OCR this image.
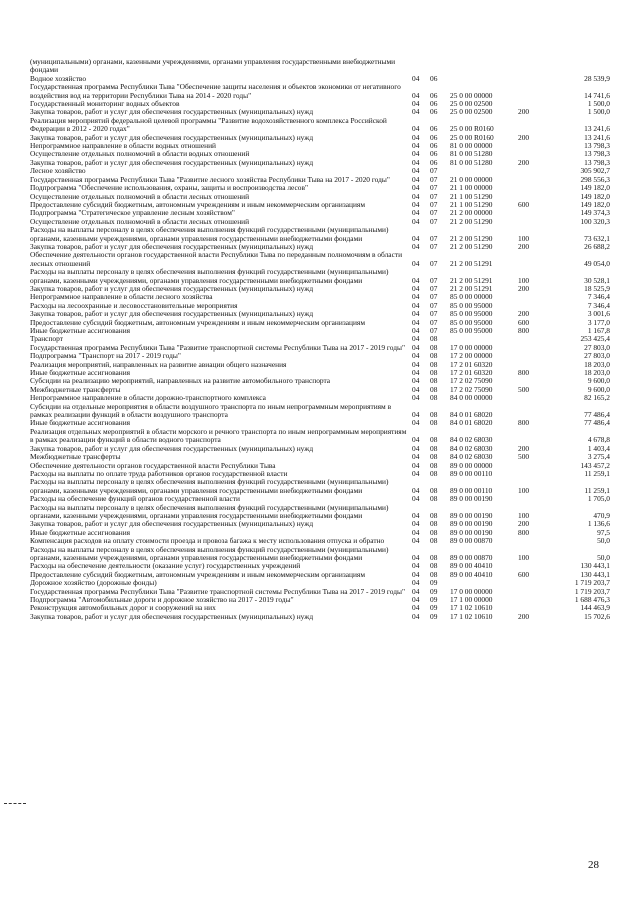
(муниципальными) органами, казенными учреждениями, органами управления государственными внебюджетными фондами
Водное хозяйство	04	06	28 539,9
Государственная программа Республики Тыва "Обеспечение защиты населения и объектов экономики от негативного воздействия вод на территории Республики Тыва на 2014 - 2020 годы"	04	06	25 0 00 00000	14 741,6
Государственный мониторинг водных объектов	04	06	25 0 00 02500	1 500,0
Закупка товаров, работ и услуг для обеспечения государственных (муниципальных) нужд	04	06	25 0 00 02500	200	1 500,0
Реализация мероприятий федеральной целевой программы "Развитие водохозяйственного комплекса Российской Федерации в 2012 - 2020 годах"	04	06	25 0 00 R0160	13 241,6
Закупка товаров, работ и услуг для обеспечения государственных (муниципальных) нужд	04	06	25 0 00 R0160	200	13 241,6
Непрограммное направление в области водных отношений	04	06	81 0 00 00000	13 798,3
Осуществление отдельных полномочий в области водных отношений	04	06	81 0 00 51280	13 798,3
Закупка товаров, работ и услуг для обеспечения государственных (муниципальных) нужд	04	06	81 0 00 51280	200	13 798,3
Лесное хозяйство	04	07	305 902,7
Государственная программа Республики Тыва "Развитие лесного хозяйства Республики Тыва на 2017 - 2020 годы"	04	07	21 0 00 00000	298 556,3
Подпрограмма "Обеспечение использования, охраны, защиты и воспроизводства лесов"	04	07	21 1 00 00000	149 182,0
Осуществление отдельных полномочий в области лесных отношений	04	07	21 1 00 51290	149 182,0
Предоставление субсидий бюджетным, автономным учреждениям и иным некоммерческим организациям	04	07	21 1 00 51290	600	149 182,0
Подпрограмма "Стратегическое управление лесным хозяйством"	04	07	21 2 00 00000	149 374,3
Осуществление отдельных полномочий в области лесных отношений	04	07	21 2 00 51290	100 320,3
Расходы на выплаты персоналу в целях обеспечения выполнения функций государственными (муниципальными) органами, казенными учреждениями, органами управления государственными внебюджетными фондами	04	07	21 2 00 51290	100	73 632,1
Закупка товаров, работ и услуг для обеспечения государственных (муниципальных) нужд	04	07	21 2 00 51290	200	26 688,2
Обеспечение деятельности органов государственной власти Республики Тыва по переданным полномочиям в области лесных отношений	04	07	21 2 00 51291	49 054,0
Расходы на выплаты персоналу в целях обеспечения выполнения функций государственными (муниципальными) органами, казенными учреждениями, органами управления государственными внебюджетными фондами	04	07	21 2 00 51291	100	30 528,1
Закупка товаров, работ и услуг для обеспечения государственных (муниципальных) нужд	04	07	21 2 00 51291	200	18 525,9
Непрограммное направление в области лесного хозяйства	04	07	85 0 00 00000	7 346,4
Расходы на лесоохранные и лесовосстановительные мероприятия	04	07	85 0 00 95000	7 346,4
Закупка товаров, работ и услуг для обеспечения государственных (муниципальных) нужд	04	07	85 0 00 95000	200	3 001,6
Предоставление субсидий бюджетным, автономным учреждениям и иным некоммерческим организациям	04	07	85 0 00 95000	600	3 177,0
Иные бюджетные ассигнования	04	07	85 0 00 95000	800	1 167,8
Транспорт	04	08	253 425,4
Государственная программа Республики Тыва "Развитие транспортной системы Республики Тыва на 2017 - 2019 годы" 04	08	17 0 00 00000	27 803,0
Подпрограмма "Транспорт на 2017 - 2019 годы"	04	08	17 2 00 00000	27 803,0
Реализация мероприятий, направленных на развитие авиации общего назначения	04	08	17 2 01 60320	18 203,0
Иные бюджетные ассигнования	04	08	17 2 01 60320	800	18 203,0
Субсидии на реализацию мероприятий, направленных на развитие автомобильного транспорта	04	08	17 2 02 75090	9 600,0
Межбюджетные трансферты	04	08	17 2 02 75090	500	9 600,0
Непрограммное направление в области дорожно-транспортного комплекса	04	08	84 0 00 00000	82 165,2
Субсидии на отдельные мероприятия в области воздушного транспорта по иным непрограммным мероприятиям в рамках реализации функций в области воздушного транспорта	04	08	84 0 01 68020	77 486,4
Иные бюджетные ассигнования	04	08	84 0 01 68020	800	77 486,4
Реализация отдельных мероприятий в области морского и речного транспорта по иным непрограммным мероприятиям в рамках реализации функций в области водного транспорта	04	08	84 0 02 68030	4 678,8
Закупка товаров, работ и услуг для обеспечения государственных (муниципальных) нужд	04	08	84 0 02 68030	200	1 403,4
Межбюджетные трансферты	04	08	84 0 02 68030	500	3 275,4
Обеспечение деятельности органов государственной власти Республики Тыва	04	08	89 0 00 00000	143 457,2
Расходы на выплаты по оплате труда работников органов государственной власти	04	08	89 0 00 00110	11 259,1
Расходы на выплаты персоналу в целях обеспечения выполнения функций государственными (муниципальными) органами, казенными учреждениями, органами управления государственными внебюджетными фондами	04	08	89 0 00 00110	100	11 259,1
Расходы на обеспечение функций органов государственной власти	04	08	89 0 00 00190	1 705,0
Расходы на выплаты персоналу в целях обеспечения выполнения функций государственными (муниципальными) органами, казенными учреждениями, органами управления государственными внебюджетными фондами	04	08	89 0 00 00190	100	470,9
Закупка товаров, работ и услуг для обеспечения государственных (муниципальных) нужд	04	08	89 0 00 00190	200	1 136,6
Иные бюджетные ассигнования	04	08	89 0 00 00190	800	97,5
Компенсация расходов на оплату стоимости проезда и провоза багажа к месту использования отпуска и обратно	04	08	89 0 00 00870	50,0
Расходы на выплаты персоналу в целях обеспечения выполнения функций государственными (муниципальными) органами, казенными учреждениями, органами управления государственными внебюджетными фондами	04	08	89 0 00 00870	100	50,0
Расходы на обеспечение деятельности (оказание услуг) государственных учреждений	04	08	89 0 00 40410	130 443,1
Предоставление субсидий бюджетным, автономным учреждениям и иным некоммерческим организациям	04	08	89 0 00 40410	600	130 443,1
Дорожное хозяйство (дорожные фонды)	04	09	1 719 203,7
Государственная программа Республики Тыва "Развитие транспортной системы Республики Тыва на 2017 - 2019 годы" 04	09	17 0 00 00000	1 719 203,7
Подпрограмма "Автомобильные дороги и дорожное хозяйство на 2017 - 2019 годы"	04	09	17 1 00 00000	1 688 476,3
Реконструкция автомобильных дорог и сооружений на них	04	09	17 1 02 10610	144 463,9
Закупка товаров, работ и услуг для обеспечения государственных (муниципальных) нужд	04	09	17 1 02 10610	200	15 702,6
28
